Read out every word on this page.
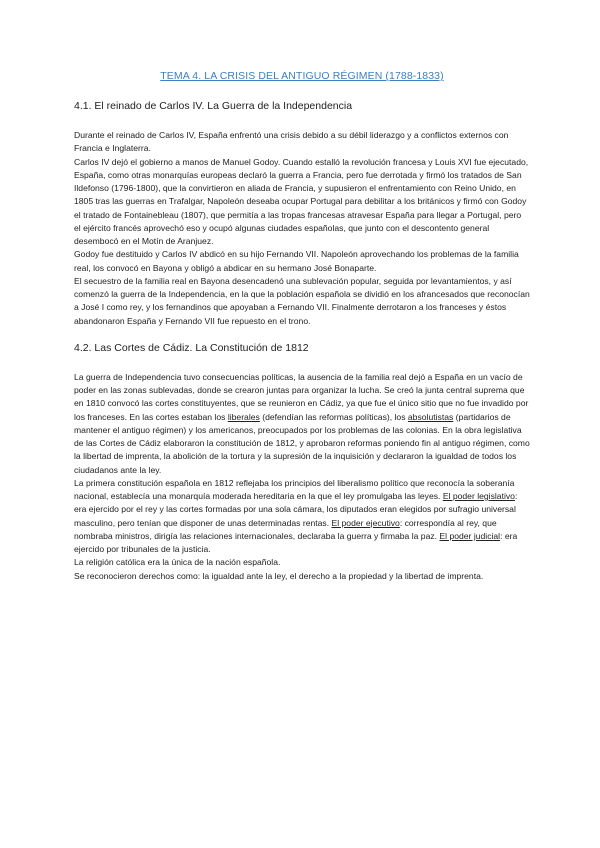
TEMA 4. LA CRISIS DEL ANTIGUO RÉGIMEN (1788-1833)
4.1. El reinado de Carlos IV. La Guerra de la Independencia

Durante el reinado de Carlos IV, España enfrentó una crisis debido a su débil liderazgo y a conflictos externos con Francia e Inglaterra.

Carlos IV dejó el gobierno a manos de Manuel Godoy. Cuando estalló la revolución francesa y Louis XVI fue ejecutado, España, como otras monarquías europeas declaró la guerra a Francia, pero fue derrotada y firmó los tratados de San Ildefonso (1796-1800), que la convirtieron en aliada de Francia, y supusieron el enfrentamiento con Reino Unido, en 1805 tras las guerras en Trafalgar, Napoleón deseaba ocupar Portugal para debilitar a los británicos y firmó con Godoy el tratado de Fontainebleau (1807), que permitía a las tropas francesas atravesar España para llegar a Portugal, pero el ejército francés aprovechó eso y ocupó algunas ciudades españolas, que junto con el descontento general desembocó en el Motín de Aranjuez.

Godoy fue destituido y Carlos IV abdicó en su hijo Fernando VII. Napoleón aprovechando los problemas de la familia real, los convocó en Bayona y obligó a abdicar en su hermano José Bonaparte.

El secuestro de la familia real en Bayona desencadenó una sublevación popular, seguida por levantamientos, y así comenzó la guerra de la Independencia, en la que la población española se dividió en los afrancesados que reconocían a José I como rey, y los fernandinos que apoyaban a Fernando VII. Finalmente derrotaron a los franceses y éstos abandonaron España y Fernando VII fue repuesto en el trono.

4.2. Las Cortes de Cádiz. La Constitución de 1812

La guerra de Independencia tuvo consecuencias políticas, la ausencia de la familia real dejó a España en un vacío de poder en las zonas sublevadas, donde se crearon juntas para organizar la lucha. Se creó la junta central suprema que en 1810 convocó las cortes constituyentes, que se reunieron en Cádiz, ya que fue el único sitio que no fue invadido por los franceses. En las cortes estaban los liberales (defendían las reformas políticas), los absolutistas (partidarios de mantener el antiguo régimen) y los americanos, preocupados por los problemas de las colonias. En la obra legislativa de las Cortes de Cádiz elaboraron la constitución de 1812, y aprobaron reformas poniendo fin al antiguo régimen, como la libertad de imprenta, la abolición de la tortura y la supresión de la inquisición y declararon la igualdad de todos los ciudadanos ante la ley.

La primera constitución española en 1812 reflejaba los principios del liberalismo político que reconocía la soberanía nacional, establecía una monarquía moderada hereditaria en la que el ley promulgaba las leyes. El poder legislativo: era ejercido por el rey y las cortes formadas por una sola cámara, los diputados eran elegidos por sufragio universal masculino, pero tenían que disponer de unas determinadas rentas. El poder ejecutivo: correspondía al rey, que nombraba ministros, dirigía las relaciones internacionales, declaraba la guerra y firmaba la paz. El poder judicial: era ejercido por tribunales de la justicia.

La religión católica era la única de la nación española.

Se reconocieron derechos como: la igualdad ante la ley, el derecho a la propiedad y la libertad de imprenta.
